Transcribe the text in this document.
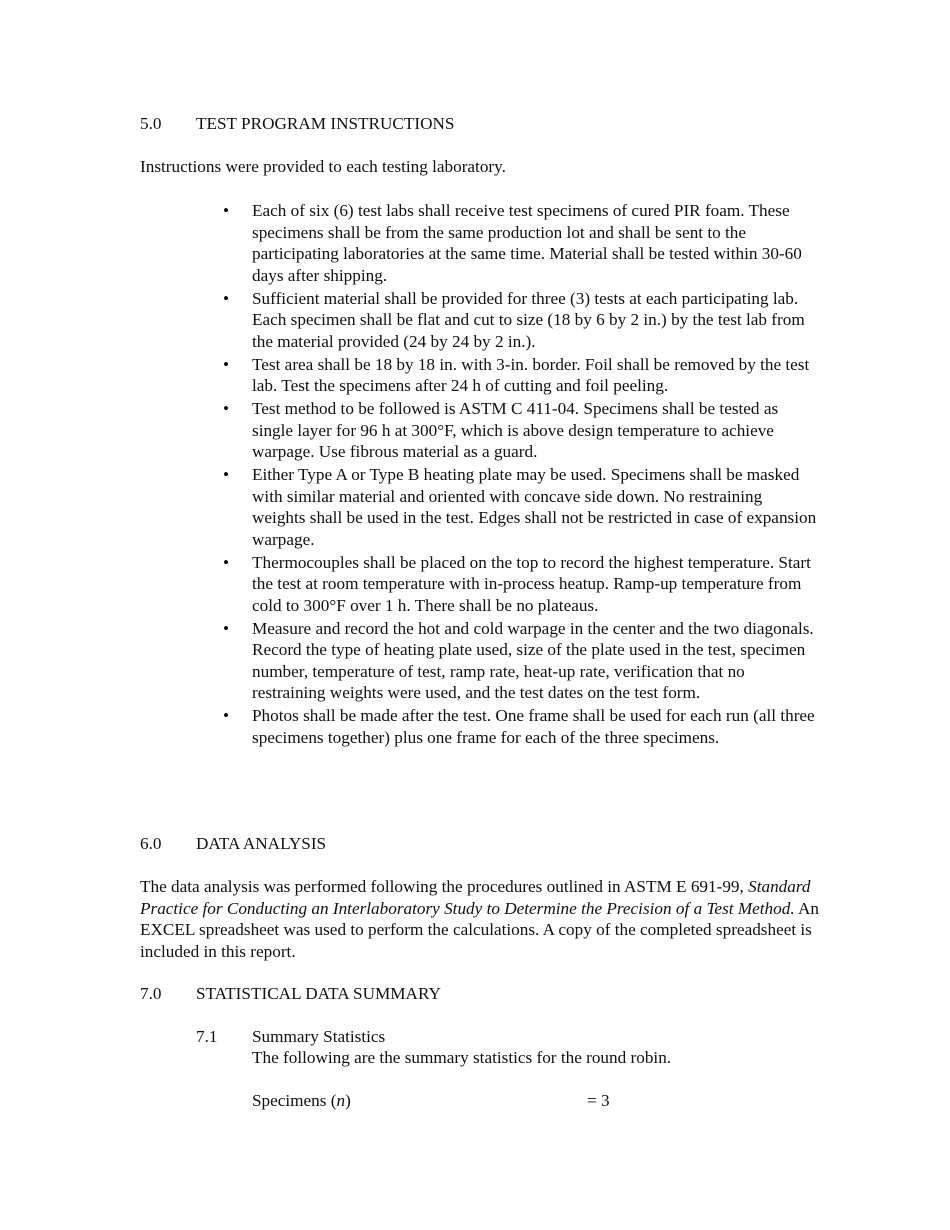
5.0 TEST PROGRAM INSTRUCTIONS

Instructions were provided to each testing laboratory.

• Each of six (6) test labs shall receive test specimens of cured PIR foam. These specimens shall be from the same production lot and shall be sent to the participating laboratories at the same time. Material shall be tested within 30-60 days after shipping.
• Sufficient material shall be provided for three (3) tests at each participating lab. Each specimen shall be flat and cut to size (18 by 6 by 2 in.) by the test lab from the material provided (24 by 24 by 2 in.).
• Test area shall be 18 by 18 in. with 3-in. border. Foil shall be removed by the test lab. Test the specimens after 24 h of cutting and foil peeling.
• Test method to be followed is ASTM C 411-04. Specimens shall be tested as single layer for 96 h at 300°F, which is above design temperature to achieve warpage. Use fibrous material as a guard.
• Either Type A or Type B heating plate may be used. Specimens shall be masked with similar material and oriented with concave side down. No restraining weights shall be used in the test. Edges shall not be restricted in case of expansion warpage.
• Thermocouples shall be placed on the top to record the highest temperature. Start the test at room temperature with in-process heatup. Ramp-up temperature from cold to 300°F over 1 h. There shall be no plateaus.
• Measure and record the hot and cold warpage in the center and the two diagonals. Record the type of heating plate used, size of the plate used in the test, specimen number, temperature of test, ramp rate, heat-up rate, verification that no restraining weights were used, and the test dates on the test form.
• Photos shall be made after the test. One frame shall be used for each run (all three specimens together) plus one frame for each of the three specimens.

6.0 DATA ANALYSIS

The data analysis was performed following the procedures outlined in ASTM E 691-99, Standard Practice for Conducting an Interlaboratory Study to Determine the Precision of a Test Method. An EXCEL spreadsheet was used to perform the calculations. A copy of the completed spreadsheet is included in this report.

7.0 STATISTICAL DATA SUMMARY

7.1 Summary Statistics

The following are the summary statistics for the round robin.

Specimens (n)	= 3
